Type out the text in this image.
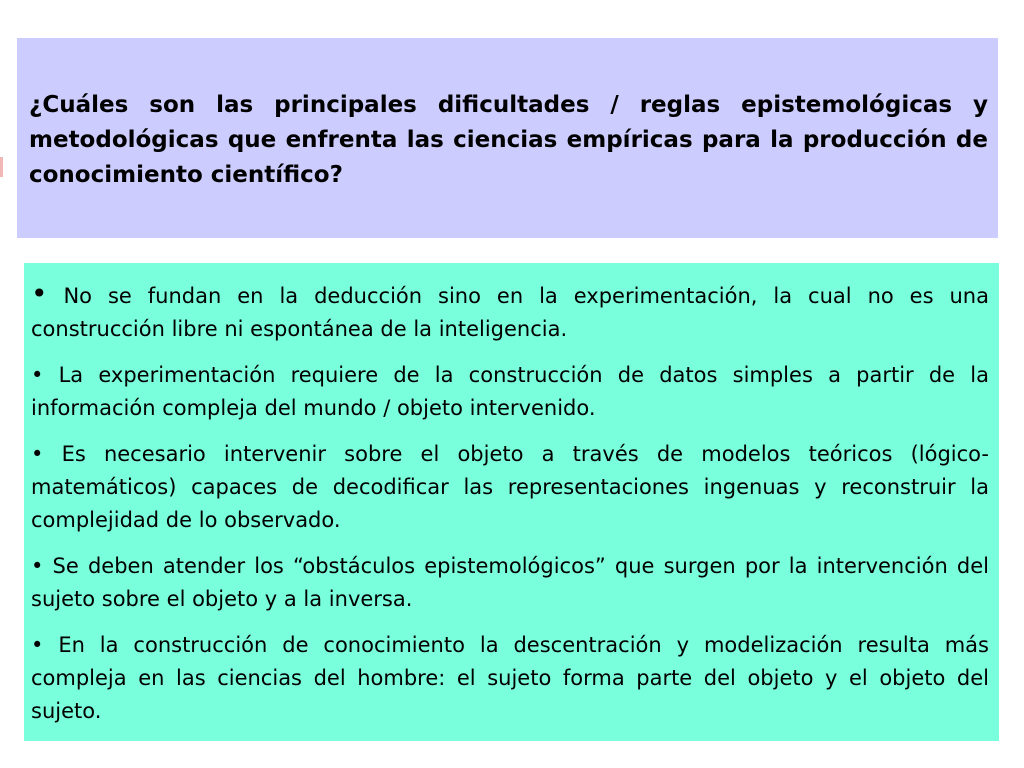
¿Cuáles son las principales dificultades / reglas epistemológicas y metodológicas que enfrenta las ciencias empíricas para la producción de conocimiento científico?

• No se fundan en la deducción sino en la experimentación, la cual no es una construcción libre ni espontánea de la inteligencia.

• La experimentación requiere de la construcción de datos simples a partir de la información compleja del mundo / objeto intervenido.

• Es necesario intervenir sobre el objeto a través de modelos teóricos (lógico-matemáticos) capaces de decodificar las representaciones ingenuas y reconstruir la complejidad de lo observado.

• Se deben atender los “obstáculos epistemológicos” que surgen por la intervención del sujeto sobre el objeto y a la inversa.

• En la construcción de conocimiento la descentración y modelización resulta más compleja en las ciencias del hombre: el sujeto forma parte del objeto y el objeto del sujeto.
